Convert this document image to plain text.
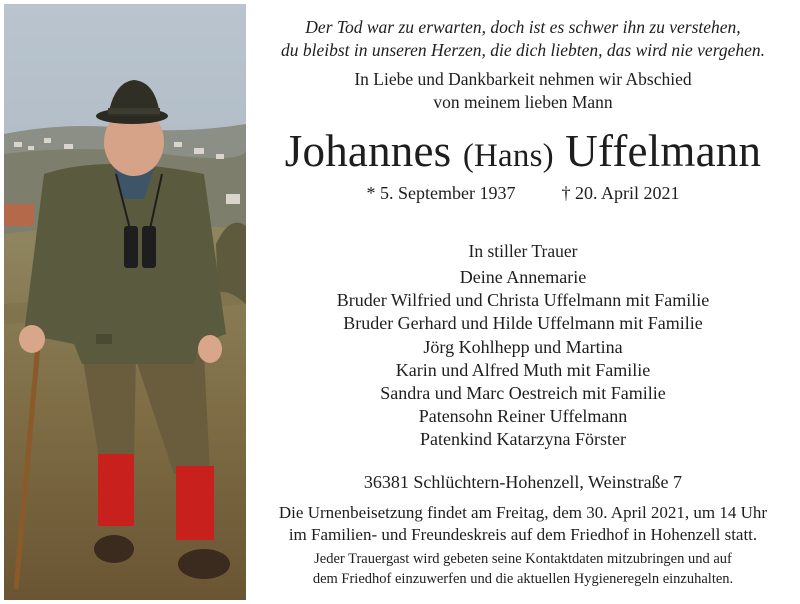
Der Tod war zu erwarten, doch ist es schwer ihn zu verstehen,
du bleibst in unseren Herzen, die dich liebten, das wird nie vergehen.
In Liebe und Dankbarkeit nehmen wir Abschied
von meinem lieben Mann
Johannes (Hans) Uffelmann
* 5. September 1937	† 20. April 2021
In stiller Trauer
Deine Annemarie
Bruder Wilfried und Christa Uffelmann mit Familie
Bruder Gerhard und Hilde Uffelmann mit Familie
Jörg Kohlhepp und Martina
Karin und Alfred Muth mit Familie
Sandra und Marc Oestreich mit Familie
Patensohn Reiner Uffelmann
Patenkind Katarzyna Förster
36381 Schlüchtern-Hohenzell, Weinstraße 7
Die Urnenbeisetzung findet am Freitag, dem 30. April 2021, um 14 Uhr
im Familien- und Freundeskreis auf dem Friedhof in Hohenzell statt.
Jeder Trauergast wird gebeten seine Kontaktdaten mitzubringen und auf
dem Friedhof einzuwerfen und die aktuellen Hygieneregeln einzuhalten.
